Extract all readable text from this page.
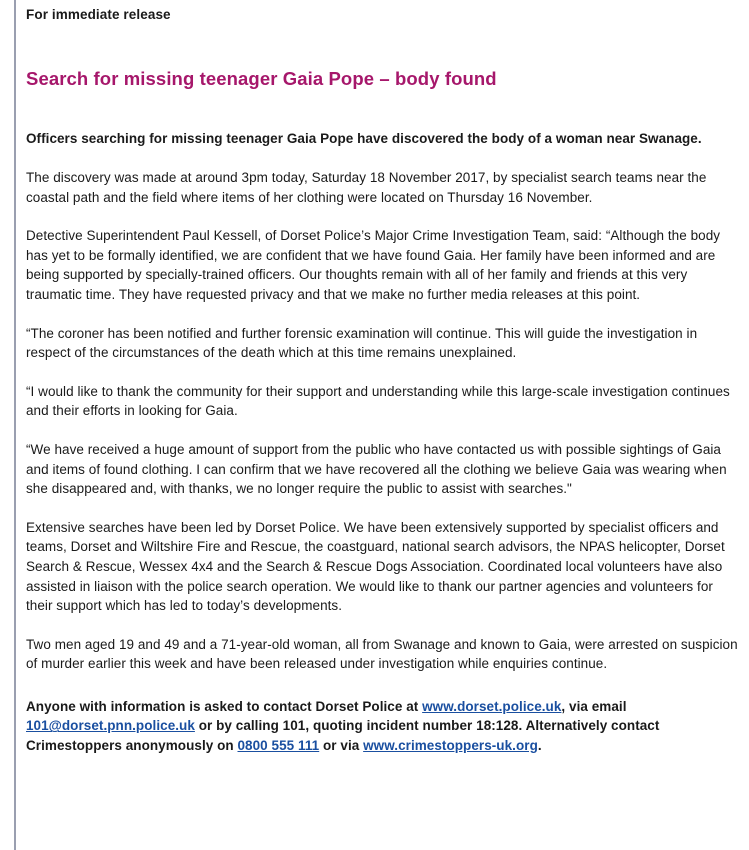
For immediate release
Search for missing teenager Gaia Pope – body found
Officers searching for missing teenager Gaia Pope have discovered the body of a woman near Swanage.

The discovery was made at around 3pm today, Saturday 18 November 2017, by specialist search teams near the coastal path and the field where items of her clothing were located on Thursday 16 November.

Detective Superintendent Paul Kessell, of Dorset Police’s Major Crime Investigation Team, said: “Although the body has yet to be formally identified, we are confident that we have found Gaia. Her family have been informed and are being supported by specially-trained officers. Our thoughts remain with all of her family and friends at this very traumatic time. They have requested privacy and that we make no further media releases at this point.

“The coroner has been notified and further forensic examination will continue. This will guide the investigation in respect of the circumstances of the death which at this time remains unexplained.

“I would like to thank the community for their support and understanding while this large-scale investigation continues and their efforts in looking for Gaia.

“We have received a huge amount of support from the public who have contacted us with possible sightings of Gaia and items of found clothing. I can confirm that we have recovered all the clothing we believe Gaia was wearing when she disappeared and, with thanks, we no longer require the public to assist with searches."

Extensive searches have been led by Dorset Police. We have been extensively supported by specialist officers and teams, Dorset and Wiltshire Fire and Rescue, the coastguard, national search advisors, the NPAS helicopter, Dorset Search & Rescue, Wessex 4x4 and the Search & Rescue Dogs Association. Coordinated local volunteers have also assisted in liaison with the police search operation. We would like to thank our partner agencies and volunteers for their support which has led to today’s developments.

Two men aged 19 and 49 and a 71-year-old woman, all from Swanage and known to Gaia, were arrested on suspicion of murder earlier this week and have been released under investigation while enquiries continue.

Anyone with information is asked to contact Dorset Police at www.dorset.police.uk, via email 101@dorset.pnn.police.uk or by calling 101, quoting incident number 18:128. Alternatively contact Crimestoppers anonymously on 0800 555 111 or via www.crimestoppers-uk.org.
